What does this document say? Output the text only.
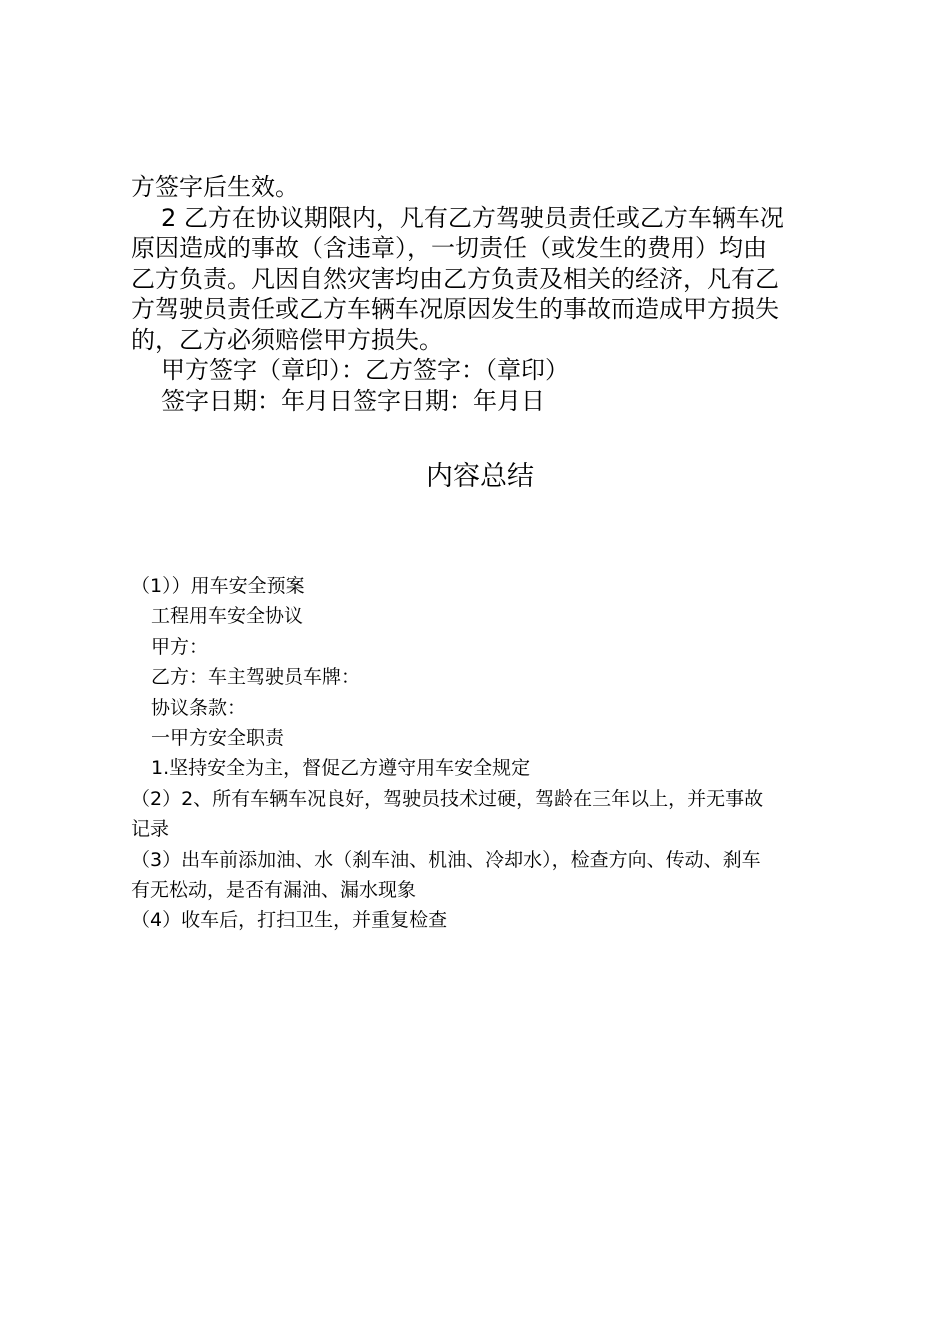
方签字后生效。
2 乙方在协议期限内，凡有乙方驾驶员责任或乙方车辆车况
原因造成的事故（含违章），一切责任（或发生的费用）均由
乙方负责。凡因自然灾害均由乙方负责及相关的经济，凡有乙
方驾驶员责任或乙方车辆车况原因发生的事故而造成甲方损失
的，乙方必须赔偿甲方损失。
甲方签字（章印）：乙方签字：（章印）
签字日期：年月日签字日期：年月日
内容总结
（1））用车安全预案
工程用车安全协议
甲方：
乙方：车主驾驶员车牌：
协议条款：
一甲方安全职责
1.坚持安全为主，督促乙方遵守用车安全规定
（2）2、所有车辆车况良好，驾驶员技术过硬，驾龄在三年以上，并无事故
记录
（3）出车前添加油、水（刹车油、机油、冷却水），检查方向、传动、刹车
有无松动，是否有漏油、漏水现象
（4）收车后，打扫卫生，并重复检查
